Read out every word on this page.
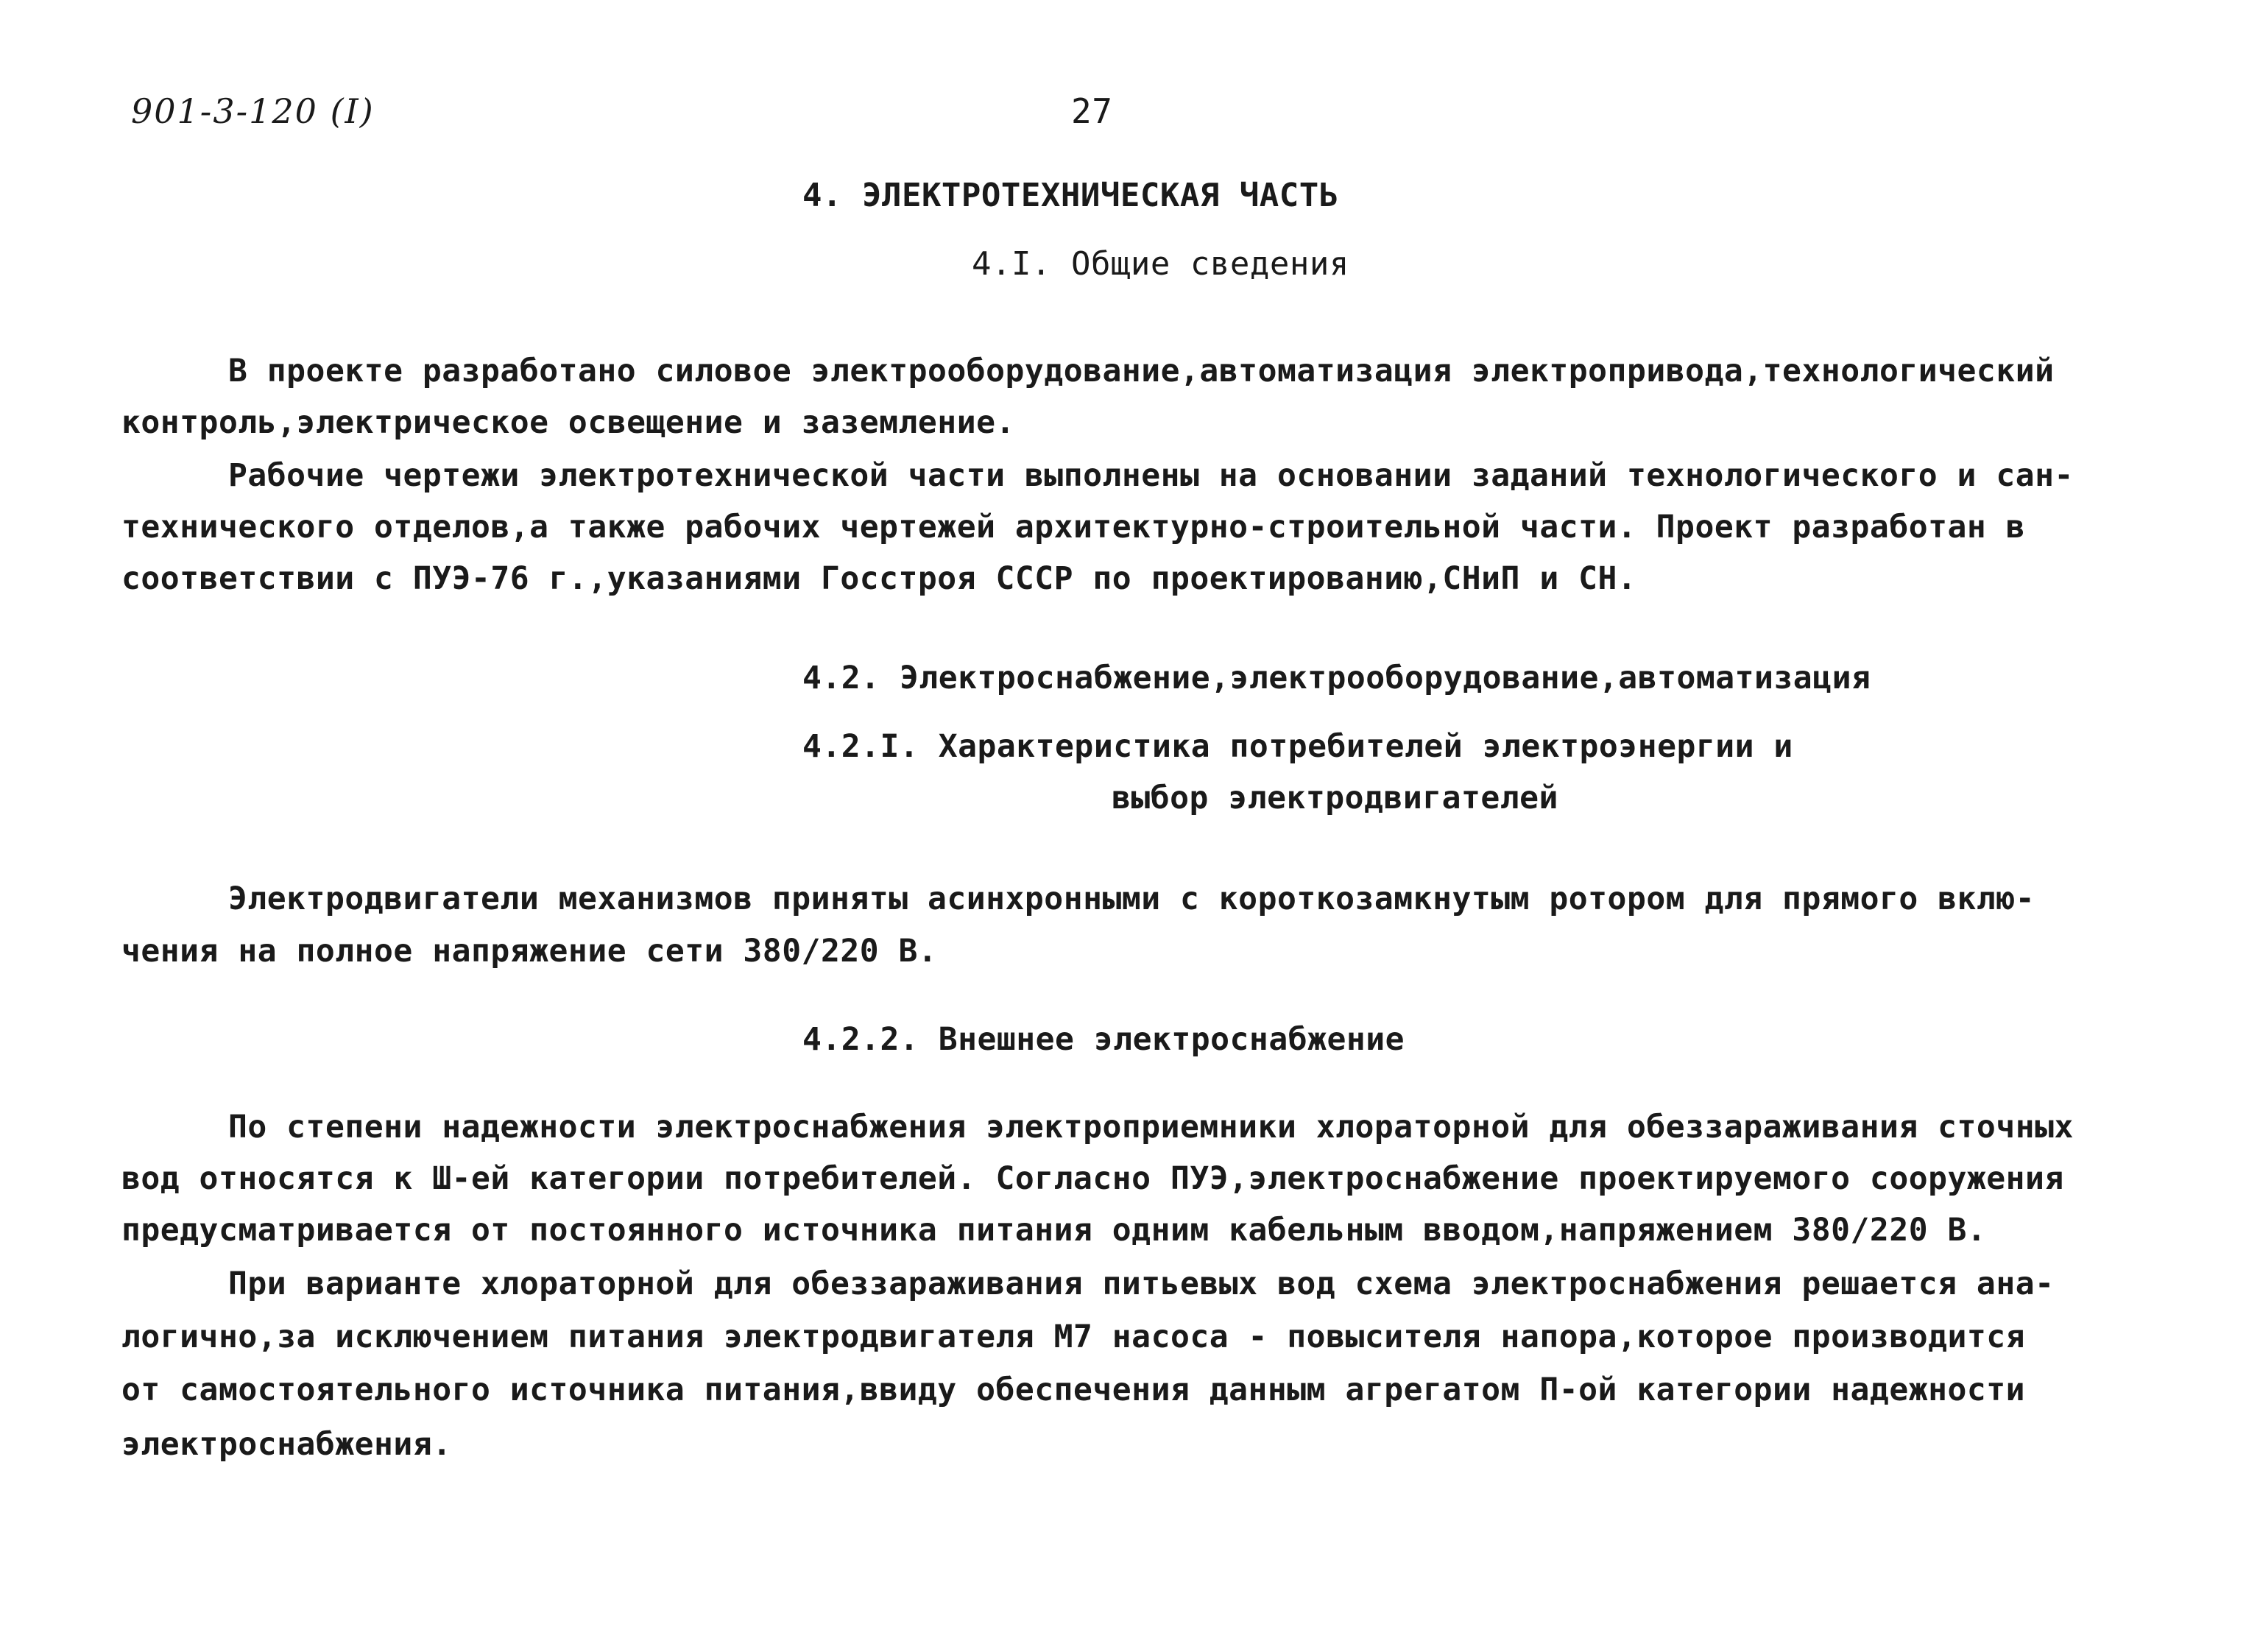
901-3-120 (I)	27
4. ЭЛЕКТРОТЕХНИЧЕСКАЯ ЧАСТЬ
4.I. Общие сведения
В проекте разработано силовое электрооборудование,автоматизация электропривода,технологический
контроль,электрическое освещение и заземление.
Рабочие чертежи электротехнической части выполнены на основании заданий технологического и сан-
технического отделов,а также рабочих чертежей архитектурно-строительной части. Проект разработан в
соответствии с ПУЭ-76 г.,указаниями Госстроя СССР по проектированию,СНиП и СН.
4.2. Электроснабжение,электрооборудование,автоматизация
4.2.I. Характеристика потребителей электроэнергии и
выбор электродвигателей
Электродвигатели механизмов приняты асинхронными с короткозамкнутым ротором для прямого вклю-
чения на полное напряжение сети 380/220 В.
4.2.2. Внешнее электроснабжение
По степени надежности электроснабжения электроприемники хлораторной для обеззараживания сточных
вод относятся к Ш-ей категории потребителей. Согласно ПУЭ,электроснабжение проектируемого сооружения
предусматривается от постоянного источника питания одним кабельным вводом,напряжением 380/220 В.
При варианте хлораторной для обеззараживания питьевых вод схема электроснабжения решается ана-
логично,за исключением питания электродвигателя М7 насоса - повысителя напора,которое производится
от самостоятельного источника питания,ввиду обеспечения данным агрегатом П-ой категории надежности
электроснабжения.
